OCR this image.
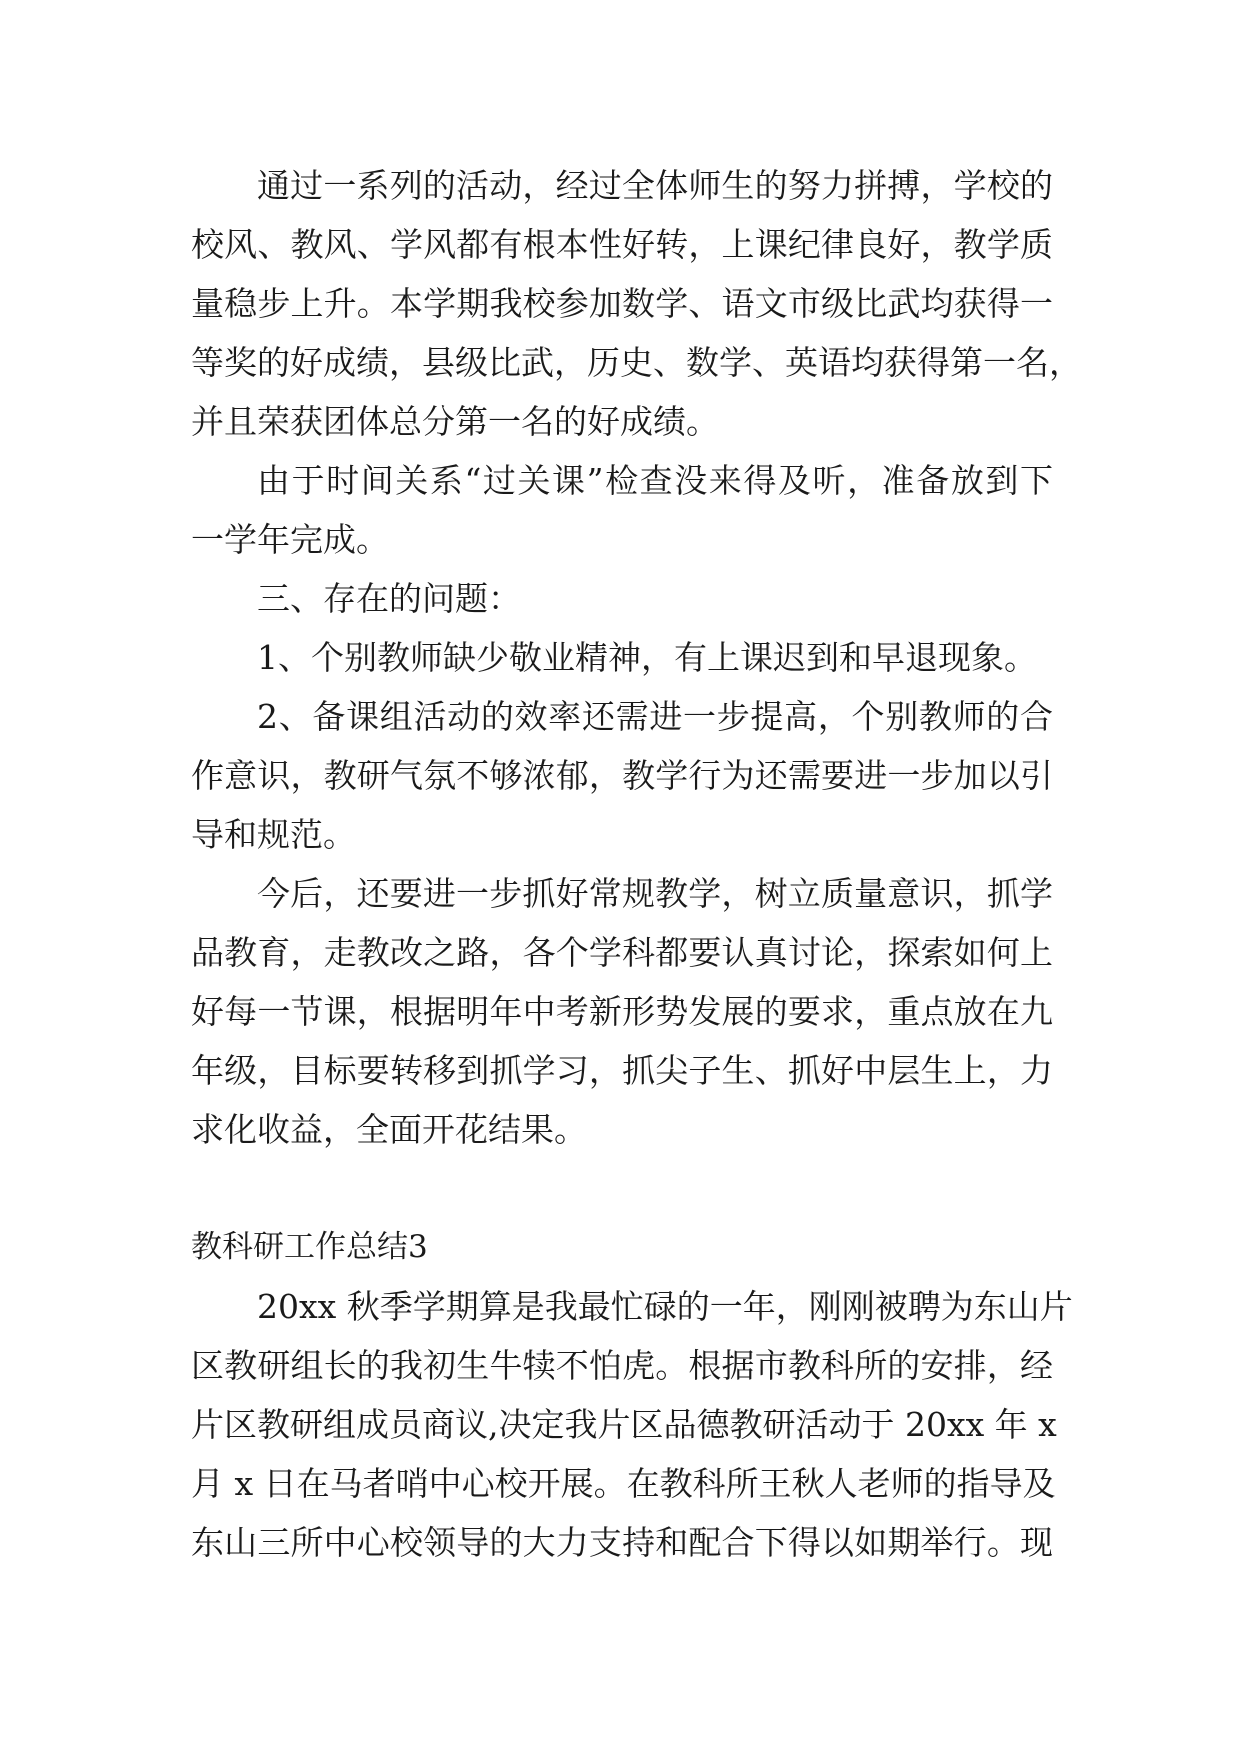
通过一系列的活动，经过全体师生的努力拼搏，学校的

校风、教风、学风都有根本性好转，上课纪律良好，教学质

量稳步上升。本学期我校参加数学、语文市级比武均获得一

等奖的好成绩，县级比武，历史、数学、英语均获得第一名，

并且荣获团体总分第一名的好成绩。

由于时间关系“过关课”检查没来得及听，准备放到下

一学年完成。

三、存在的问题：

1、个别教师缺少敬业精神，有上课迟到和早退现象。

2、备课组活动的效率还需进一步提高，个别教师的合

作意识，教研气氛不够浓郁，教学行为还需要进一步加以引

导和规范。

今后，还要进一步抓好常规教学，树立质量意识，抓学

品教育，走教改之路，各个学科都要认真讨论，探索如何上

好每一节课，根据明年中考新形势发展的要求，重点放在九

年级，目标要转移到抓学习，抓尖子生、抓好中层生上，力

求化收益，全面开花结果。

教科研工作总结3

20xx 秋季学期算是我最忙碌的一年，刚刚被聘为东山片

区教研组长的我初生牛犊不怕虎。根据市教科所的安排，经

片区教研组成员商议,决定我片区品德教研活动于 20xx 年 x

月 x 日在马者哨中心校开展。在教科所王秋人老师的指导及

东山三所中心校领导的大力支持和配合下得以如期举行。现
